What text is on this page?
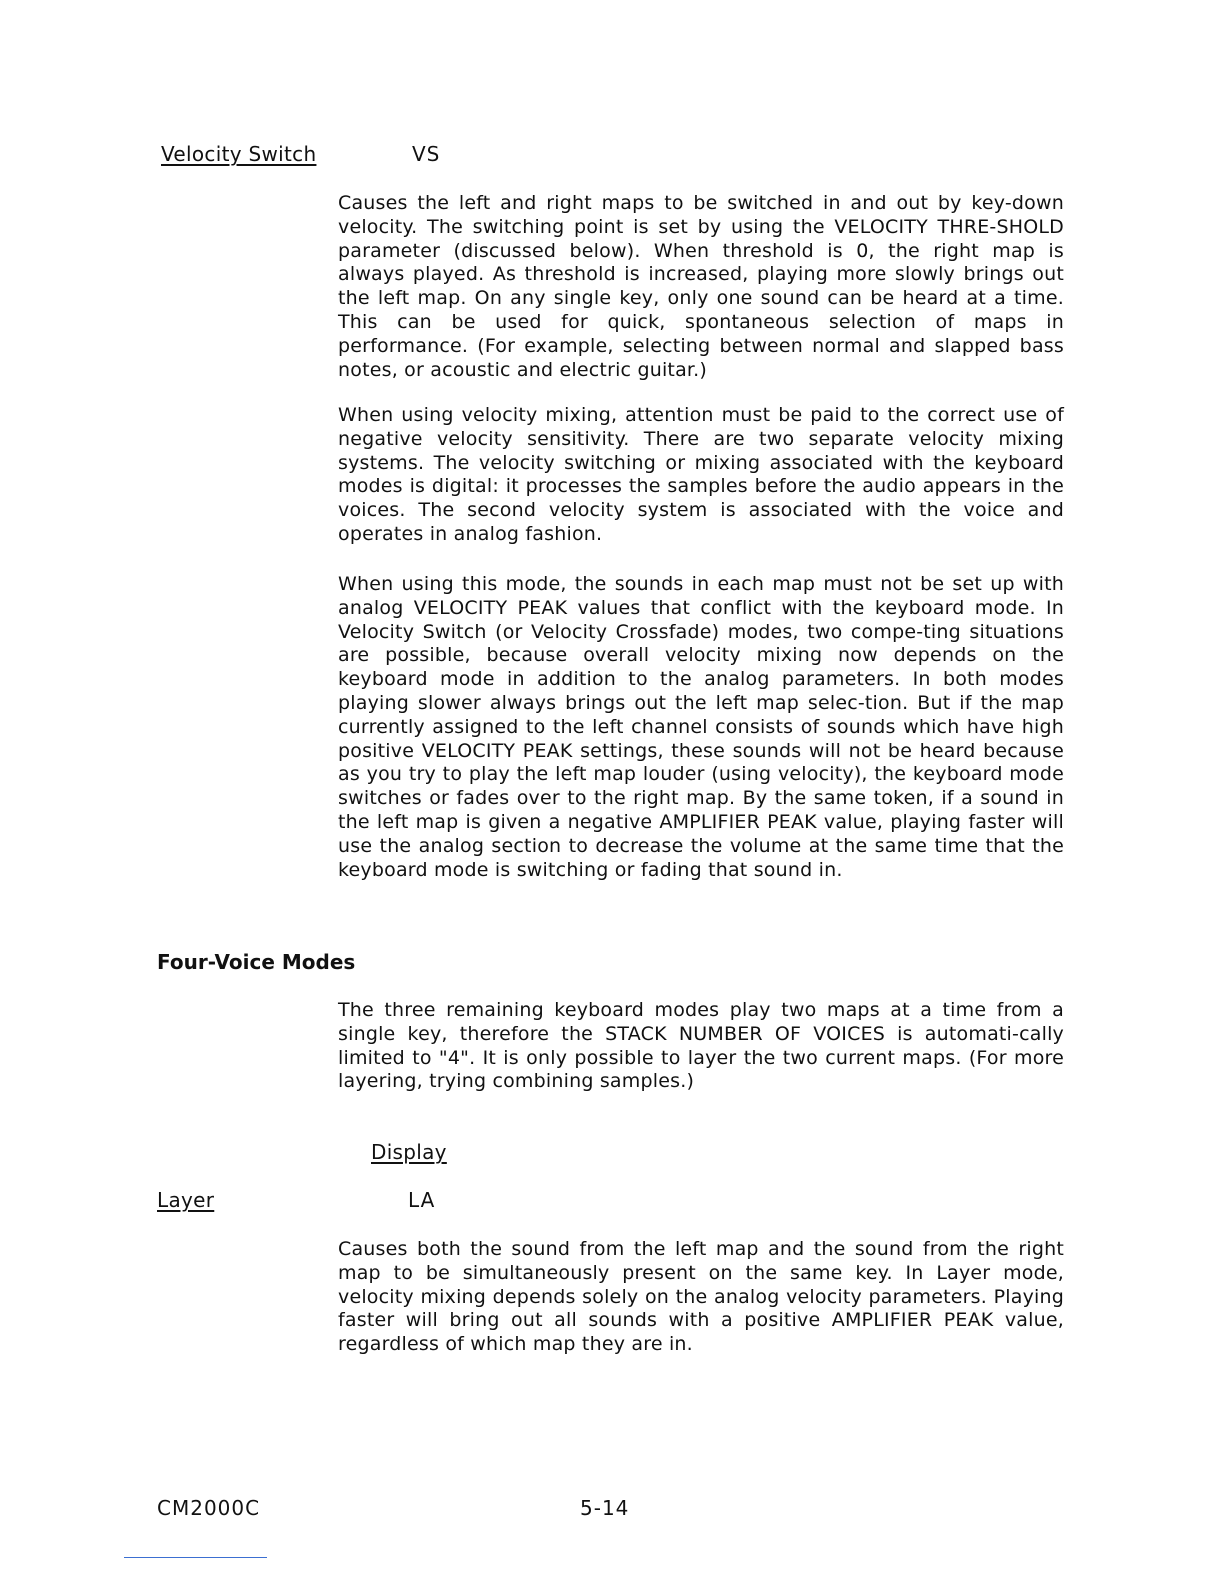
Velocity Switch	VS
Causes the left and right maps to be switched in and out by key-down velocity. The switching point is set by using the VELOCITY THRE-SHOLD parameter (discussed below). When threshold is 0, the right map is always played. As threshold is increased, playing more slowly brings out the left map. On any single key, only one sound can be heard at a time. This can be used for quick, spontaneous selection of maps in performance. (For example, selecting between normal and slapped bass notes, or acoustic and electric guitar.)
When using velocity mixing, attention must be paid to the correct use of negative velocity sensitivity. There are two separate velocity mixing systems. The velocity switching or mixing associated with the keyboard modes is digital: it processes the samples before the audio appears in the voices. The second velocity system is associated with the voice and operates in analog fashion.
When using this mode, the sounds in each map must not be set up with analog VELOCITY PEAK values that conflict with the keyboard mode. In Velocity Switch (or Velocity Crossfade) modes, two compe-ting situations are possible, because overall velocity mixing now depends on the keyboard mode in addition to the analog parameters. In both modes playing slower always brings out the left map selec-tion. But if the map currently assigned to the left channel consists of sounds which have high positive VELOCITY PEAK settings, these sounds will not be heard because as you try to play the left map louder (using velocity), the keyboard mode switches or fades over to the right map. By the same token, if a sound in the left map is given a negative AMPLIFIER PEAK value, playing faster will use the analog section to decrease the volume at the same time that the keyboard mode is switching or fading that sound in.
Four-Voice Modes
The three remaining keyboard modes play two maps at a time from a single key, therefore the STACK NUMBER OF VOICES is automati-cally limited to "4". It is only possible to layer the two current maps. (For more layering, trying combining samples.)
Display
Layer	LA
Causes both the sound from the left map and the sound from the right map to be simultaneously present on the same key. In Layer mode, velocity mixing depends solely on the analog velocity parameters. Playing faster will bring out all sounds with a positive AMPLIFIER PEAK value, regardless of which map they are in.
CM2000C	5-14
